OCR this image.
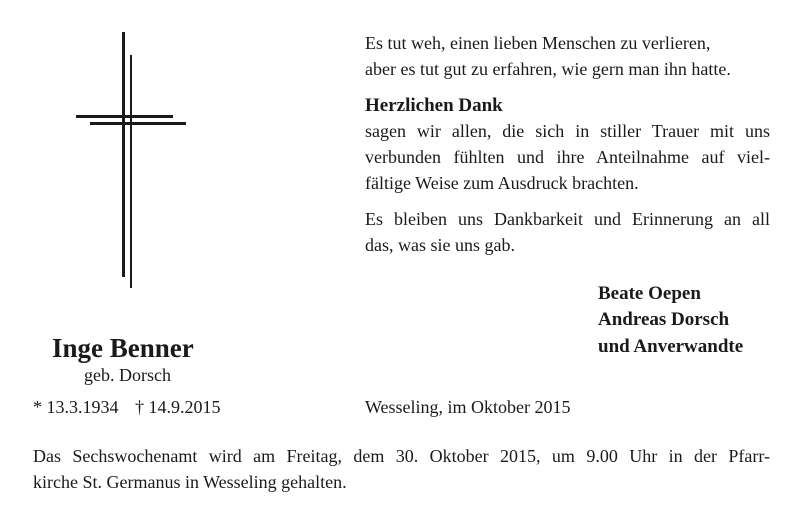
Inge Benner
geb. Dorsch
* 13.3.1934 † 14.9.2015
Es tut weh, einen lieben Menschen zu verlieren,
aber es tut gut zu erfahren, wie gern man ihn hatte.
Herzlichen Dank
sagen wir allen, die sich in stiller Trauer mit uns
verbunden fühlten und ihre Anteilnahme auf viel-
fältige Weise zum Ausdruck brachten.
Es bleiben uns Dankbarkeit und Erinnerung an all
das, was sie uns gab.
Beate Oepen
Andreas Dorsch
und Anverwandte
Wesseling, im Oktober 2015
Das Sechswochenamt wird am Freitag, dem 30. Oktober 2015, um 9.00 Uhr in der Pfarr-
kirche St. Germanus in Wesseling gehalten.
